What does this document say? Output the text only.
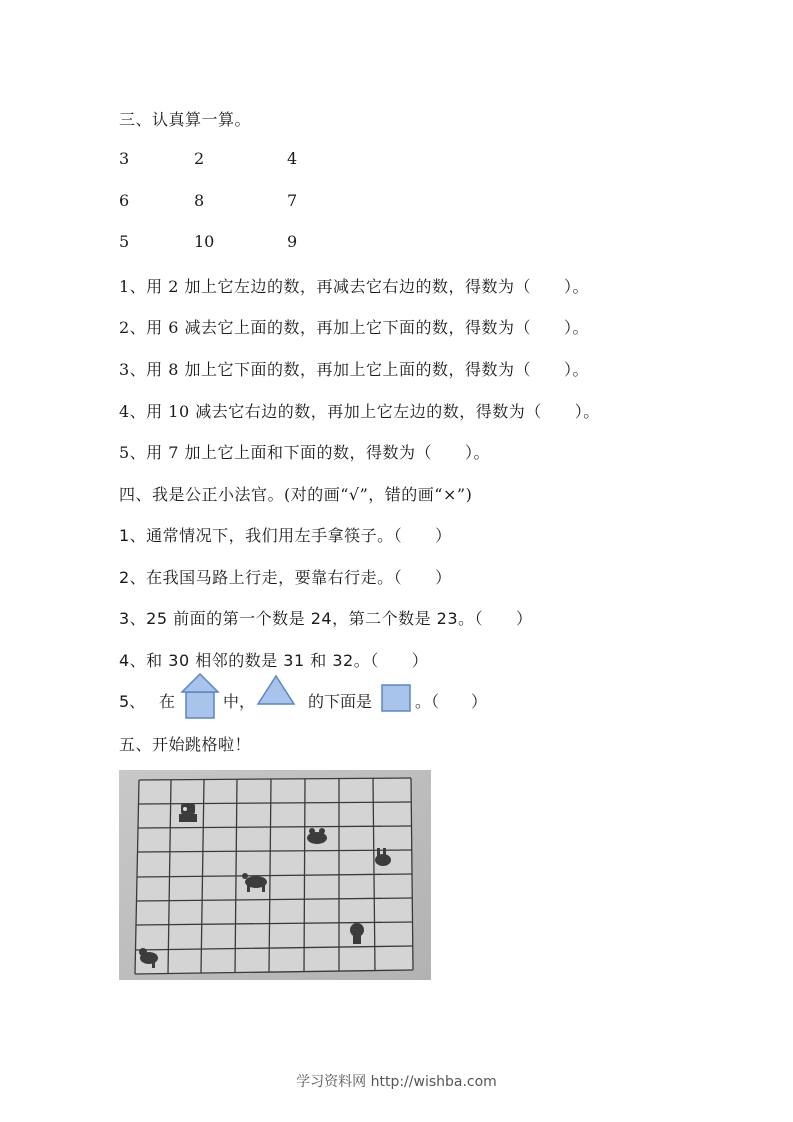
三、认真算一算。
3	2	4
6	8	7
5	10	9
1、用 2 加上它左边的数，再减去它右边的数，得数为（　　）。
2、用 6 减去它上面的数，再加上它下面的数，得数为（　　）。
3、用 8 加上它下面的数，再加上它上面的数，得数为（　　）。
4、用 10 减去它右边的数，再加上它左边的数，得数为（　　）。
5、用 7 加上它上面和下面的数，得数为（　　）。
四、我是公正小法官。(对的画“√”，错的画“×”)
1、通常情况下，我们用左手拿筷子。（　　）
2、在我国马路上行走，要靠右行走。（　　）
3、25 前面的第一个数是 24，第二个数是 23。（　　）
4、和 30 相邻的数是 31 和 32。（　　）
5、 在	中，	的下面是	。（　　）
五、开始跳格啦！
学习资料网 http://wishba.com
